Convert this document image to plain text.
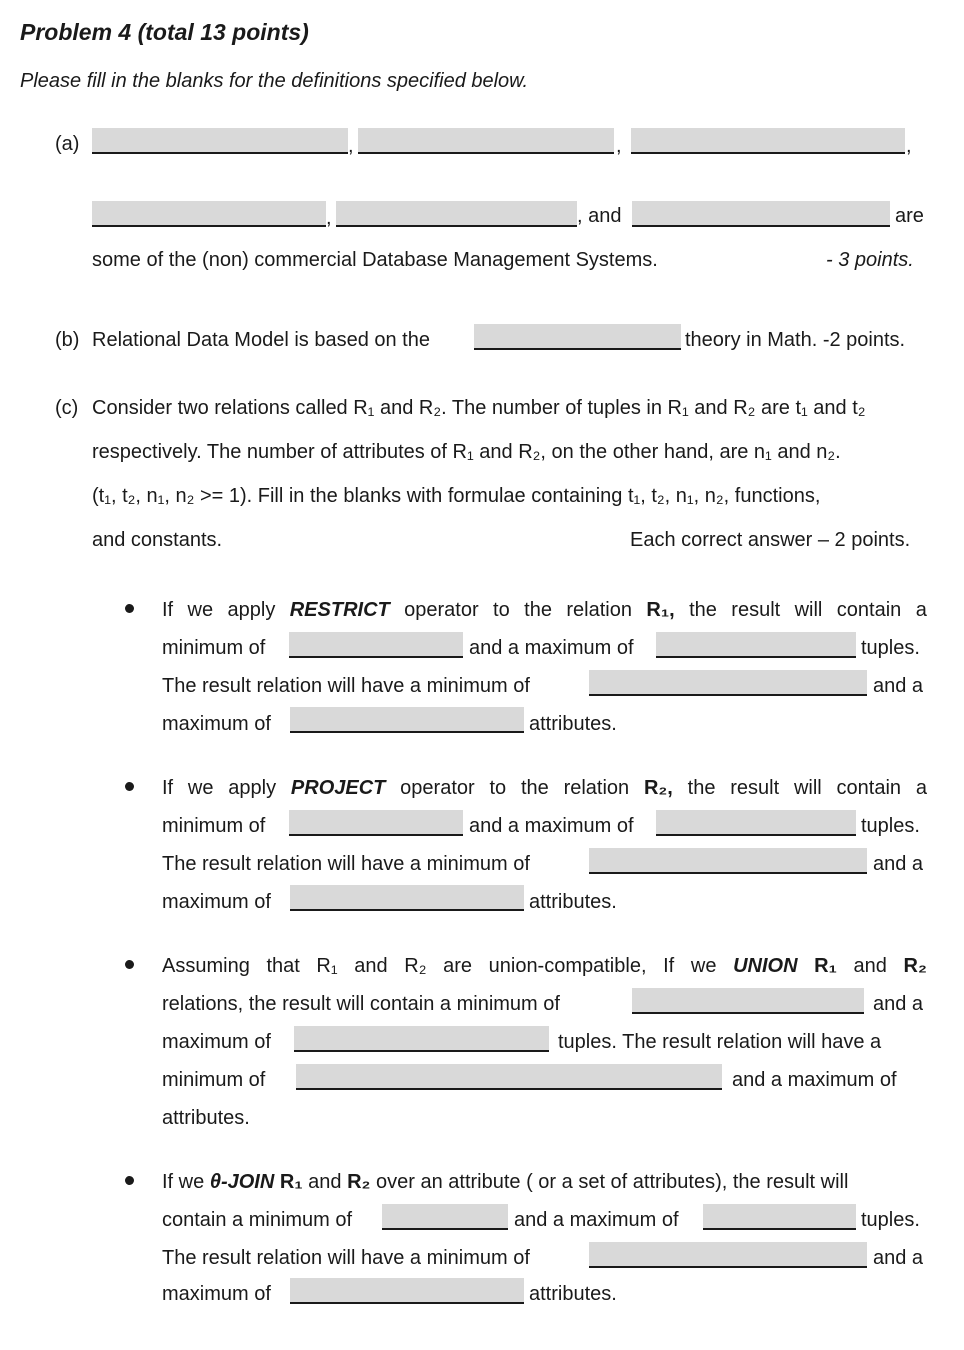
Problem 4 (total 13 points)
Please fill in the blanks for the definitions specified below.
(a)	,	,	,
,	, and	are
some of the (non) commercial Database Management Systems.	- 3 points.
(b) Relational Data Model is based on the	theory in Math. -2 points.
(c) Consider two relations called R₁ and R₂. The number of tuples in R₁ and R₂ are t₁ and t₂
respectively. The number of attributes of R₁ and R₂, on the other hand, are n₁ and n₂.
(t₁, t₂, n₁, n₂ >= 1). Fill in the blanks with formulae containing t₁, t₂, n₁, n₂, functions,
and constants.	Each correct answer – 2 points.
If we apply RESTRICT operator to the relation R₁, the result will contain a
minimum of	and a maximum of	tuples.
The result relation will have a minimum of	and a
maximum of	attributes.
If we apply PROJECT operator to the relation R₂, the result will contain a
minimum of	and a maximum of	tuples.
The result relation will have a minimum of	and a
maximum of	attributes.
Assuming that R₁ and R₂ are union-compatible, If we UNION R₁ and R₂
relations, the result will contain a minimum of	and a
maximum of	tuples. The result relation will have a
minimum of	and a maximum of
attributes.
If we θ-JOIN R₁ and R₂ over an attribute ( or a set of attributes), the result will
contain a minimum of	and a maximum of	tuples.
The result relation will have a minimum of	and a
maximum of	attributes.
